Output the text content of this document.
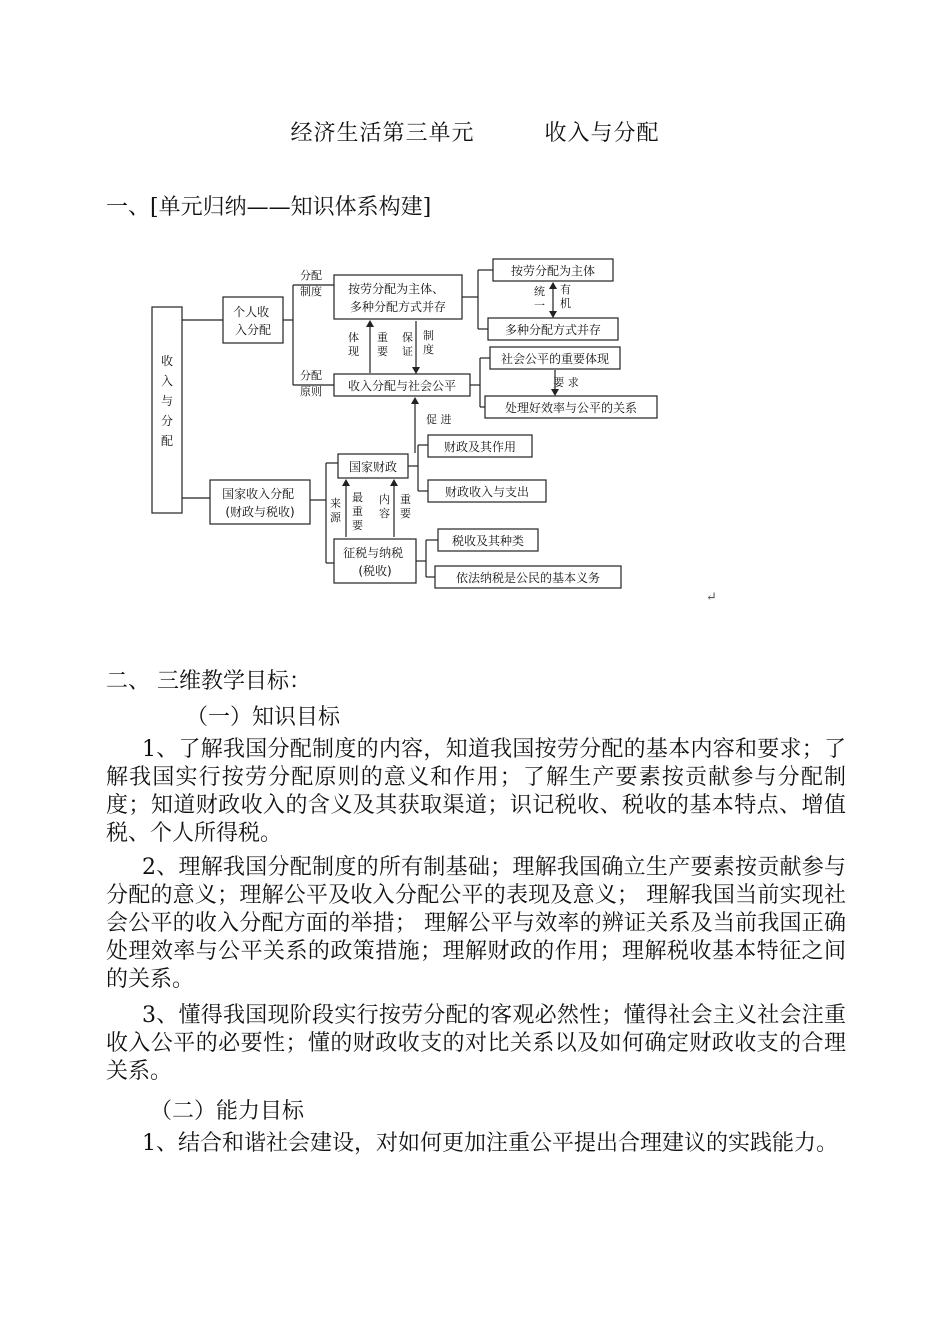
经济生活第三单元	收入与分配
一、[单元归纳——知识体系构建]
收入与分配
个人收 入分配
分配 制度
分配 原则
按劳分配为主体、 多种分配方式并存
按劳分配为主体
统 一
有 机
多种分配方式并存
体 现
重 要
保 证
制 度
收入分配与社会公平
社会公平的重要体现
要 求
处理好效率与公平的关系
促 进
国家收入分配 (财政与税收)
国家财政
财政及其作用
财政收入与支出
来 源
最 重 要
内 容
重 要
征税与纳税 (税收)
税收及其种类
依法纳税是公民的基本义务
↵
二、 三维教学目标：
（一）知识目标
1、了解我国分配制度的内容，知道我国按劳分配的基本内容和要求；了解我国实行按劳分配原则的意义和作用；了解生产要素按贡献参与分配制度；知道财政收入的含义及其获取渠道；识记税收、税收的基本特点、增值税、个人所得税。
2、理解我国分配制度的所有制基础；理解我国确立生产要素按贡献参与分配的意义；理解公平及收入分配公平的表现及意义； 理解我国当前实现社会公平的收入分配方面的举措； 理解公平与效率的辨证关系及当前我国正确处理效率与公平关系的政策措施；理解财政的作用；理解税收基本特征之间的关系。
3、懂得我国现阶段实行按劳分配的客观必然性；懂得社会主义社会注重收入公平的必要性；懂的财政收支的对比关系以及如何确定财政收支的合理关系。
（二）能力目标
1、结合和谐社会建设，对如何更加注重公平提出合理建议的实践能力。
